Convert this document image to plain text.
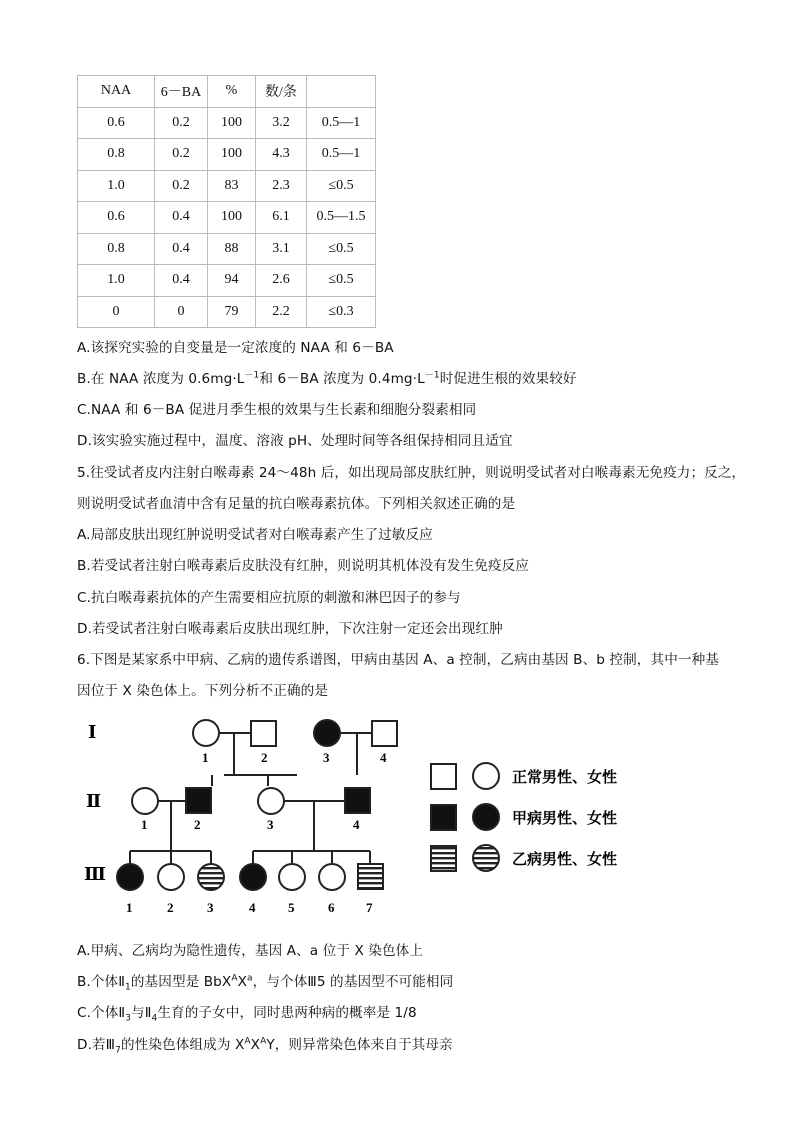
NAA	6－BA	%	数/条	
0.6	0.2	100	3.2	0.5—1
0.8	0.2	100	4.3	0.5—1
1.0	0.2	83	2.3	≤0.5
0.6	0.4	100	6.1	0.5—1.5
0.8	0.4	88	3.1	≤0.5
1.0	0.4	94	2.6	≤0.5
0	0	79	2.2	≤0.3
A.该探究实验的自变量是一定浓度的 NAA 和 6－BA
B.在 NAA 浓度为 $0.6mg\cdot L^{-1}$和 6－BA 浓度为 $0.4mg\cdot L^{-1}$时促进生根的效果较好
C.NAA 和 6－BA 促进月季生根的效果与生长素和细胞分裂素相同
D.该实验实施过程中，温度、溶液 pH、处理时间等各组保持相同且适宜
5.往受试者皮内注射白喉毒素 24～48h 后，如出现局部皮肤红肿，则说明受试者对白喉毒素无免疫力；反之，
则说明受试者血清中含有足量的抗白喉毒素抗体。下列相关叙述正确的是
A.局部皮肤出现红肿说明受试者对白喉毒素产生了过敏反应
B.若受试者注射白喉毒素后皮肤没有红肿，则说明其机体没有发生免疫反应
C.抗白喉毒素抗体的产生需要相应抗原的刺激和淋巴因子的参与
D.若受试者注射白喉毒素后皮肤出现红肿，下次注射一定还会出现红肿
6.下图是某家系中甲病、乙病的遗传系谱图，甲病由基因 A、a 控制，乙病由基因 B、b 控制，其中一种基
因位于 X 染色体上。下列分析不正确的是
Ⅰ
Ⅱ
Ⅲ
1	2	3	4
1	2	3	4
1	2	3	4	5	6 7
正常男性、女性
甲病男性、女性
乙病男性、女性
A.甲病、乙病均为隐性遗传，基因 A、a 位于 X 染色体上
B.个体$Ⅱ_1$的基因型是 $BbX^AX^a$，与个体Ⅲ5 的基因型不可能相同
C.个体$Ⅱ_3$与$Ⅱ_4$生育的子女中，同时患两种病的概率是 1/8
D.若$Ⅲ_7$的性染色体组成为 $X^AX^AY$，则异常染色体来自于其母亲
